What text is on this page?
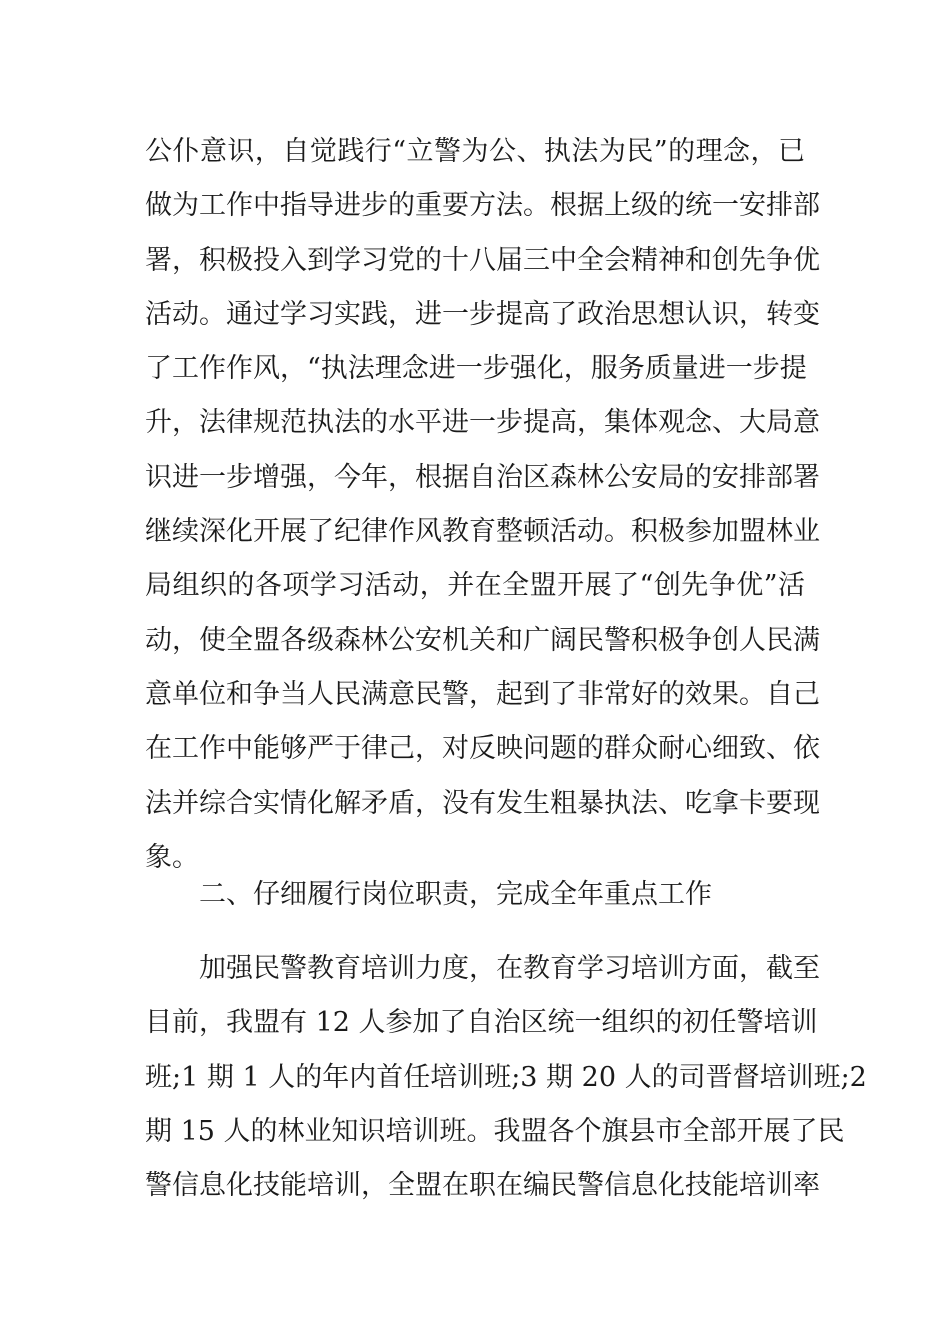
公仆意识，自觉践行“立警为公、执法为民”的理念，已
做为工作中指导进步的重要方法。根据上级的统一安排部
署，积极投入到学习党的十八届三中全会精神和创先争优
活动。通过学习实践，进一步提高了政治思想认识，转变
了工作作风，“执法理念进一步强化，服务质量进一步提
升，法律规范执法的水平进一步提高，集体观念、大局意
识进一步增强，今年，根据自治区森林公安局的安排部署
继续深化开展了纪律作风教育整顿活动。积极参加盟林业
局组织的各项学习活动，并在全盟开展了“创先争优”活
动，使全盟各级森林公安机关和广阔民警积极争创人民满
意单位和争当人民满意民警，起到了非常好的效果。自己
在工作中能够严于律己，对反映问题的群众耐心细致、依
法并综合实情化解矛盾，没有发生粗暴执法、吃拿卡要现
象。
二、仔细履行岗位职责，完成全年重点工作
加强民警教育培训力度，在教育学习培训方面，截至
目前，我盟有 12 人参加了自治区统一组织的初任警培训
班;1 期 1 人的年内首任培训班;3 期 20 人的司晋督培训班;2
期 15 人的林业知识培训班。我盟各个旗县市全部开展了民
警信息化技能培训，全盟在职在编民警信息化技能培训率
